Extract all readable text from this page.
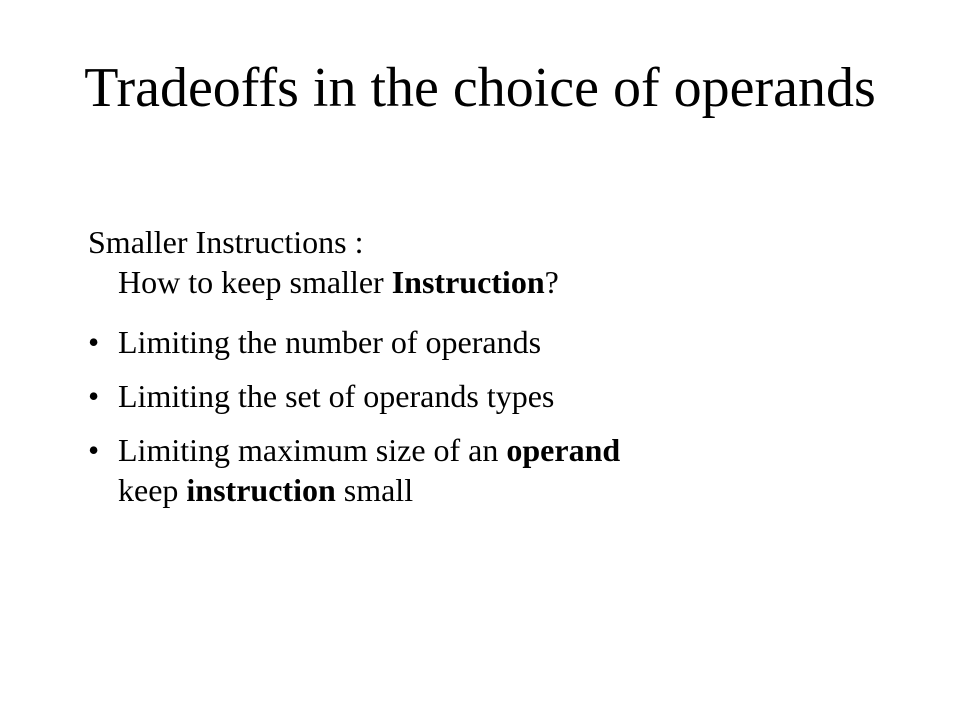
Tradeoffs in the choice of operands
Smaller Instructions :
How to keep smaller Instruction?
• Limiting the number of operands
• Limiting the set of operands types
• Limiting maximum size of an operand
keep instruction small
